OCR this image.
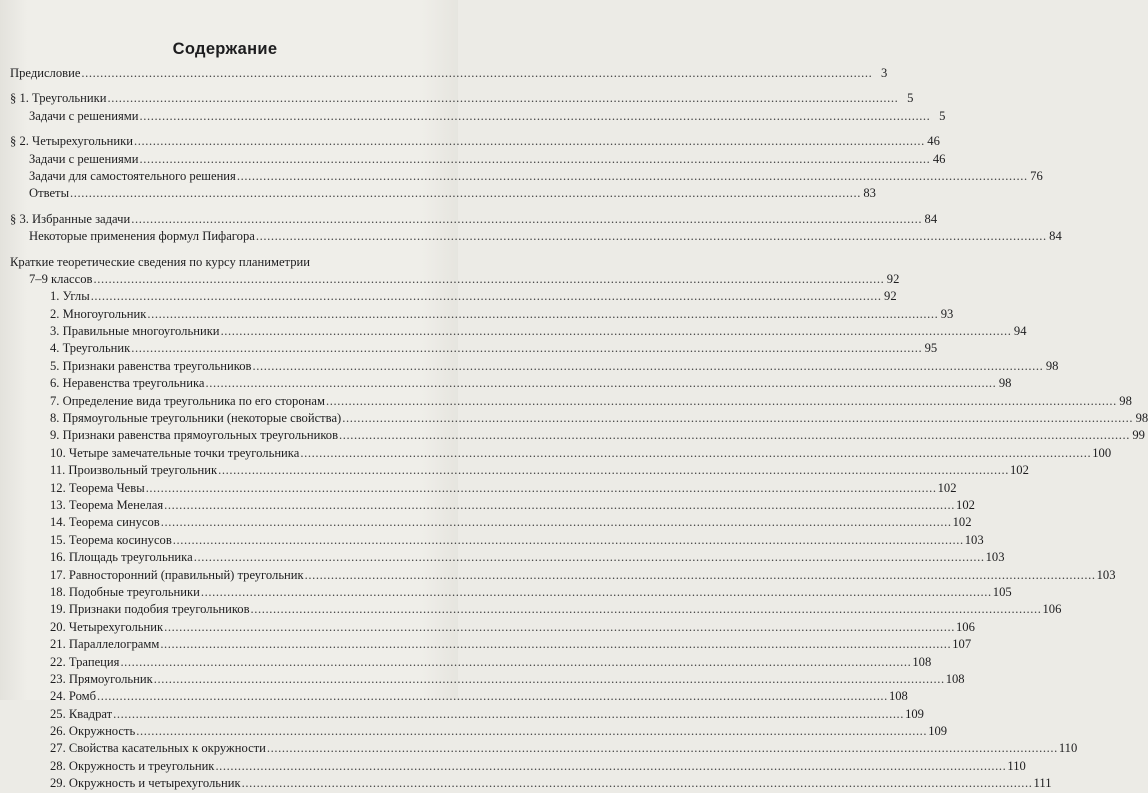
Содержание
Предисловие .....	3
§ 1. Треугольники .....	5
Задачи с решениями .....	5
§ 2. Четырехугольники .....	46
Задачи с решениями .....	46
Задачи для самостоятельного решения .....	76
Ответы .....	83
§ 3. Избранные задачи .....	84
Некоторые применения формул Пифагора .....	84
Краткие теоретические сведения по курсу планиметрии
7–9 классов .....	92
1. Углы .....	92
2. Многоугольник .....	93
3. Правильные многоугольники .....	94
4. Треугольник .....	95
5. Признаки равенства треугольников .....	98
6. Неравенства треугольника .....	98
7. Определение вида треугольника по его сторонам .....	98
8. Прямоугольные треугольники (некоторые свойства) .....	98
9. Признаки равенства прямоугольных треугольников .....	99
10. Четыре замечательные точки треугольника .....	100
11. Произвольный треугольник .....	102
12. Теорема Чевы .....	102
13. Теорема Менелая .....	102
14. Теорема синусов .....	102
15. Теорема косинусов .....	103
16. Площадь треугольника .....	103
17. Равносторонний (правильный) треугольник .....	103
18. Подобные треугольники .....	105
19. Признаки подобия треугольников .....	106
20. Четырехугольник .....	106
21. Параллелограмм .....	107
22. Трапеция .....	108
23. Прямоугольник .....	108
24. Ромб .....	108
25. Квадрат .....	109
26. Окружность .....	109
27. Свойства касательных к окружности .....	110
28. Окружность и треугольник .....	110
29. Окружность и четырехугольник .....	111
